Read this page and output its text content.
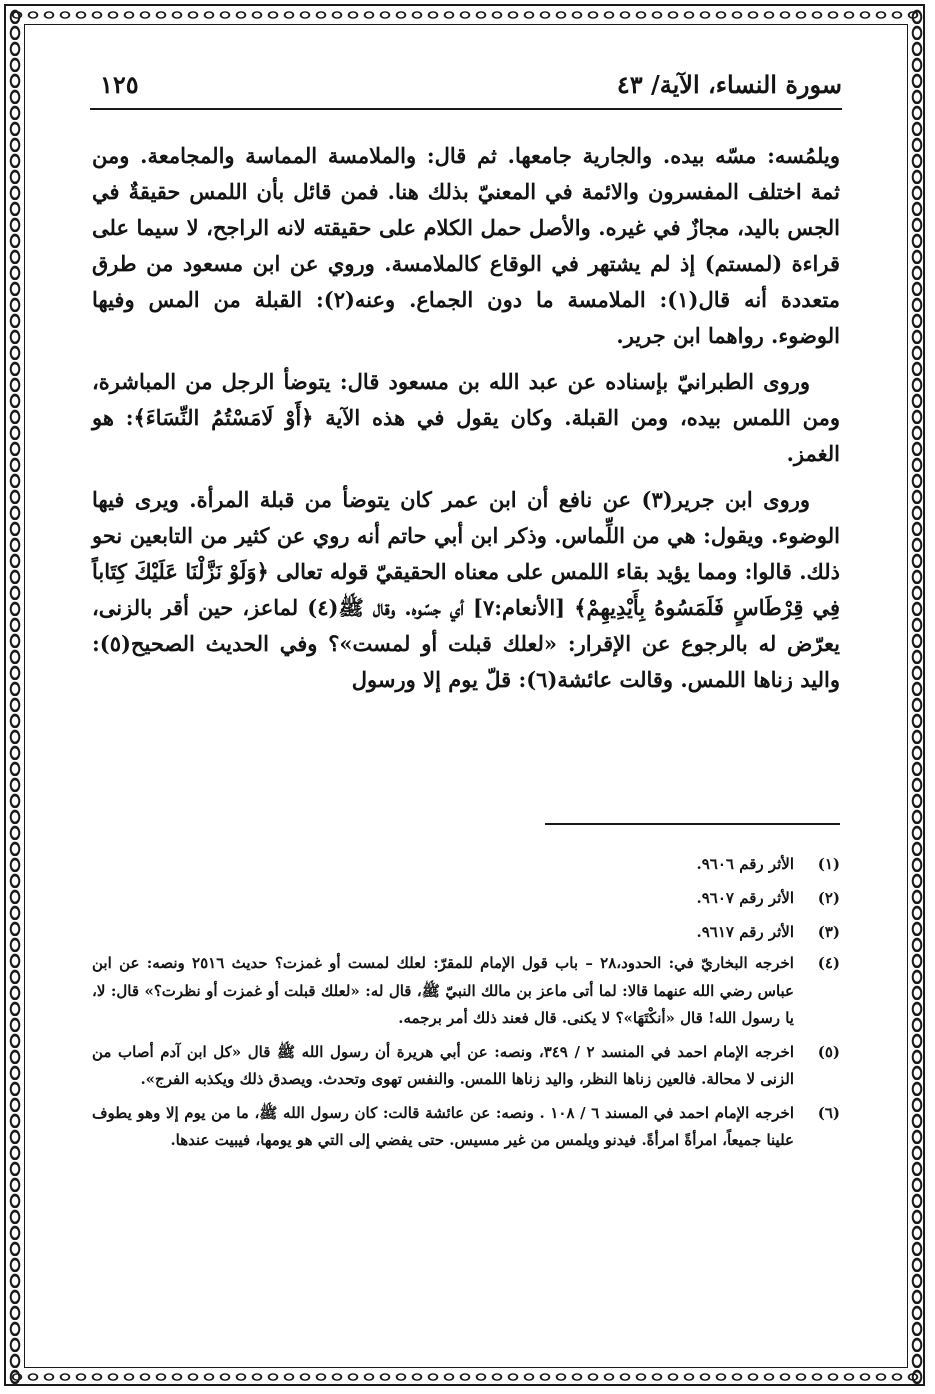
سورة النساء، الآية/ ٤٣
١٢٥

ويلمُسه: مسّه بيده. والجارية جامعها. ثم قال: والملامسة المماسة والمجامعة. ومن ثمة اختلف المفسرون والائمة في المعنيّ بذلك هنا. فمن قائل بأن اللمس حقيقةٌ في الجس باليد، مجازٌ في غيره. والأصل حمل الكلام على حقيقته لانه الراجح، لا سيما على قراءة (لمستم) إذ لم يشتهر في الوقاع كالملامسة. وروي عن ابن مسعود من طرق متعددة أنه قال(١): الملامسة ما دون الجماع. وعنه(٢): القبلة من المس وفيها الوضوء. رواهما ابن جرير.

وروى الطبرانيّ بإسناده عن عبد الله بن مسعود قال: يتوضأ الرجل من المباشرة، ومن اللمس بيده، ومن القبلة. وكان يقول في هذه الآية ﴿أَوْ لَامَسْتُمُ النِّسَاءَ﴾: هو الغمز.

وروى ابن جرير(٣) عن نافع أن ابن عمر كان يتوضأ من قبلة المرأة. ويرى فيها الوضوء. ويقول: هي من اللِّماس. وذكر ابن أبي حاتم أنه روي عن كثير من التابعين نحو ذلك. قالوا: ومما يؤيد بقاء اللمس على معناه الحقيقيّ قوله تعالى ﴿وَلَوْ نَزَّلْنَا عَلَيْكَ كِتَاباً فِي قِرْطَاسٍ فَلَمَسُوهُ بِأَيْدِيهِمْ﴾ [الأنعام:٧] أي جسّوه. وقال ﷺ(٤) لماعز، حين أقر بالزنى، يعرّض له بالرجوع عن الإقرار: «لعلك قبلت أو لمست»؟ وفي الحديث الصحيح(٥): واليد زناها اللمس. وقالت عائشة(٦): قلّ يوم إلا ورسول

(١)
الأثر رقم ٩٦٠٦.
(٢)
الأثر رقم ٩٦٠٧.
(٣)
الأثر رقم ٩٦١٧.
(٤)
اخرجه البخاريّ في: الحدود،٢٨ – باب قول الإمام للمقرّ: لعلك لمست أو غمزت؟ حديث ٢٥١٦ ونصه: عن ابن عباس رضي الله عنهما قالا: لما أتى ماعز بن مالك النبيّ ﷺ، قال له: «لعلك قبلت أو غمزت أو نظرت؟» قال: لا، يا رسول الله! قال «أنكْتَهَا»؟ لا يكنى. قال فعند ذلك أمر برجمه.
(٥)
اخرجه الإمام احمد في المنسد ٢ / ٣٤٩، ونصه: عن أبي هريرة أن رسول الله ﷺ قال «كل ابن آدم أصاب من الزنى لا محالة. فالعين زناها النظر، واليد زناها اللمس. والنفس تهوى وتحدث. ويصدق ذلك ويكذبه الفرج».
(٦)
اخرجه الإمام احمد في المسند ٦ / ١٠٨ . ونصه: عن عائشة قالت: كان رسول الله ﷺ، ما من يوم إلا وهو يطوف علينا جميعاً، امرأةً امرأةً. فيدنو ويلمس من غير مسيس. حتى يفضي إلى التي هو يومها، فيبيت عندها.
